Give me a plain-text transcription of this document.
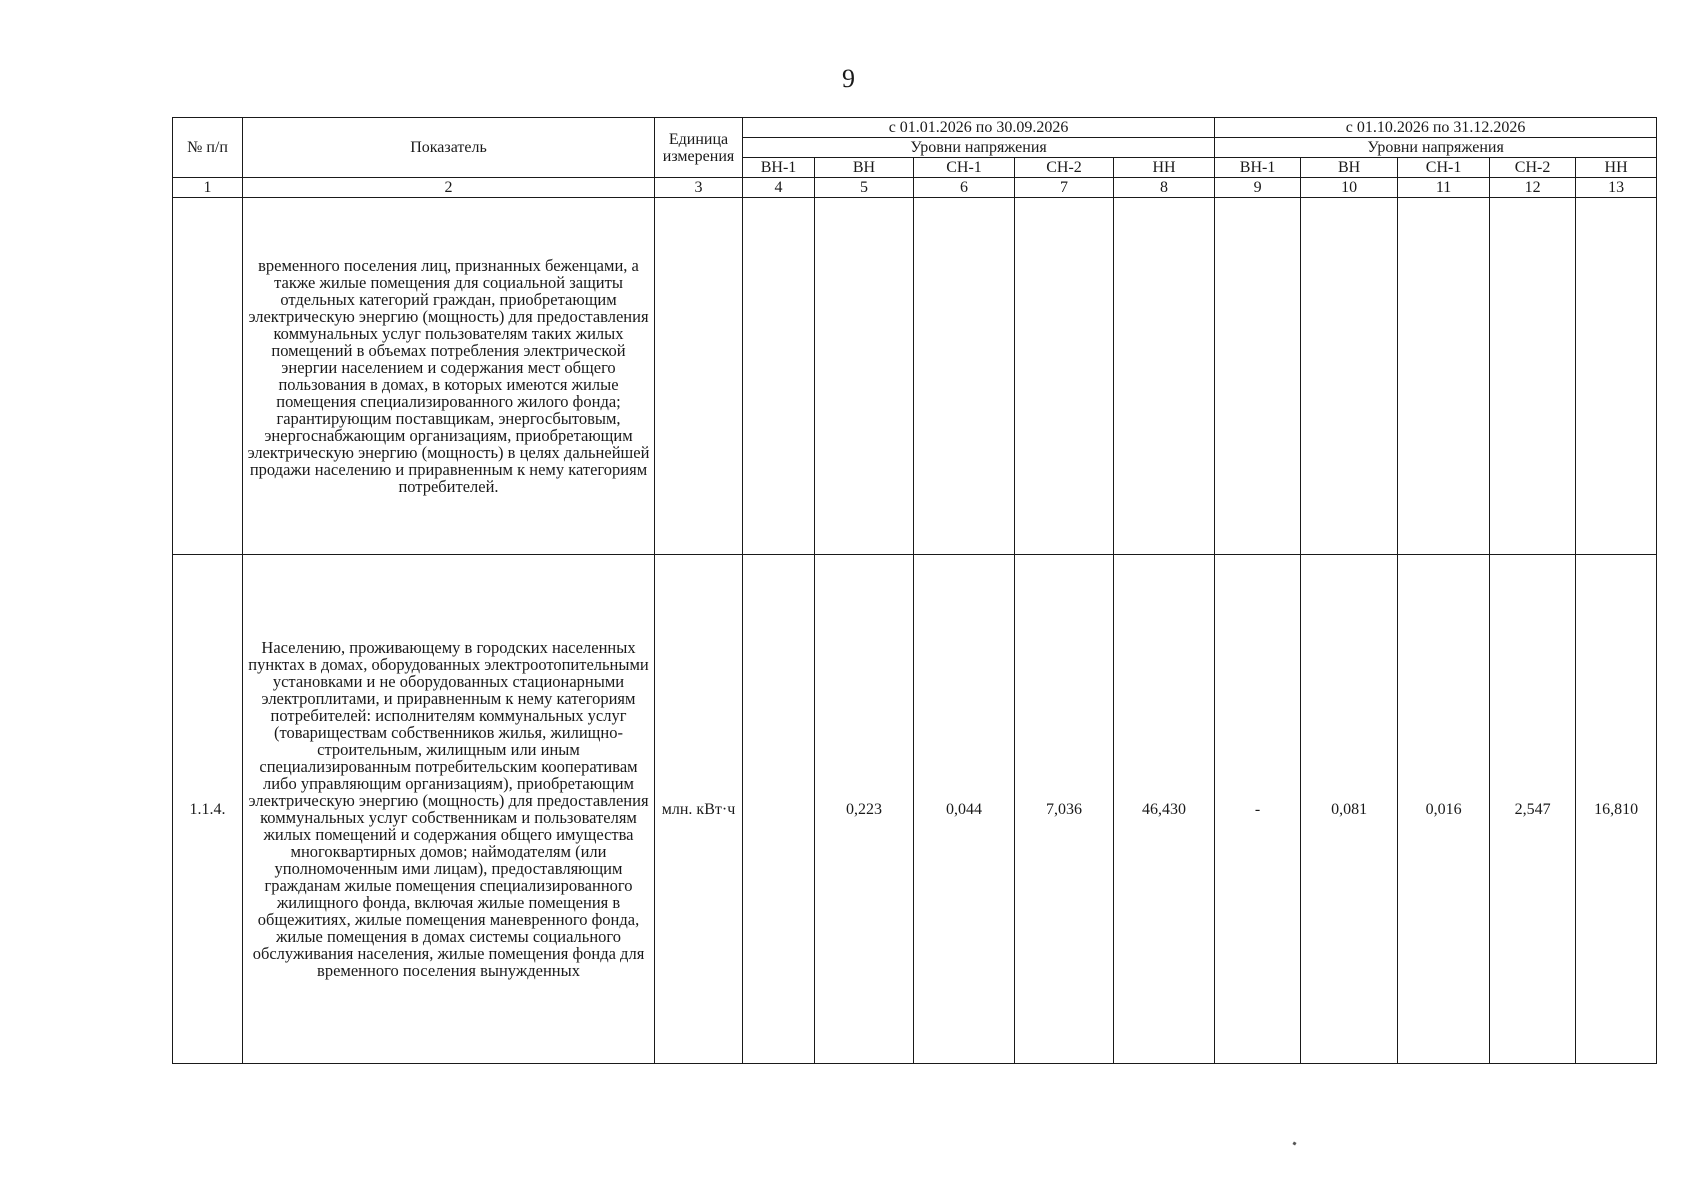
9
№ п/п	Показатель	Единица измерения	с 01.01.2026 по 30.09.2026					с 01.10.2026 по 31.12.2026				
			Уровни напряжения					Уровни напряжения				
			ВН-1	ВН	СН-1	СН-2	НН	ВН-1	ВН	СН-1	СН-2	НН
1	2	3	4	5	6	7	8	9	10	11	12	13
	временного поселения лиц, признанных беженцами, а также жилые помещения для социальной защиты отдельных категорий граждан, приобретающим электрическую энергию (мощность) для предоставления коммунальных услуг пользователям таких жилых помещений в объемах потребления электрической энергии населением и содержания мест общего пользования в домах, в которых имеются жилые помещения специализированного жилого фонда; гарантирующим поставщикам, энергосбытовым, энергоснабжающим организациям, приобретающим электрическую энергию (мощность) в целях дальнейшей продажи населению и приравненным к нему категориям потребителей.											
1.1.4.	Населению, проживающему в городских населенных пунктах в домах, оборудованных электроотопительными установками и не оборудованных стационарными электроплитами, и приравненным к нему категориям потребителей: исполнителям коммунальных услуг (товариществам собственников жилья, жилищно-строительным, жилищным или иным специализированным потребительским кооперативам либо управляющим организациям), приобретающим электрическую энергию (мощность) для предоставления коммунальных услуг собственникам и пользователям жилых помещений и содержания общего имущества многоквартирных домов; наймодателям (или уполномоченным ими лицам), предоставляющим гражданам жилые помещения специализированного жилищного фонда, включая жилые помещения в общежитиях, жилые помещения маневренного фонда, жилые помещения в домах системы социального обслуживания населения, жилые помещения фонда для временного поселения вынужденных	млн. кВт·ч		0,223	0,044	7,036	46,430	-	0,081	0,016	2,547	16,810
